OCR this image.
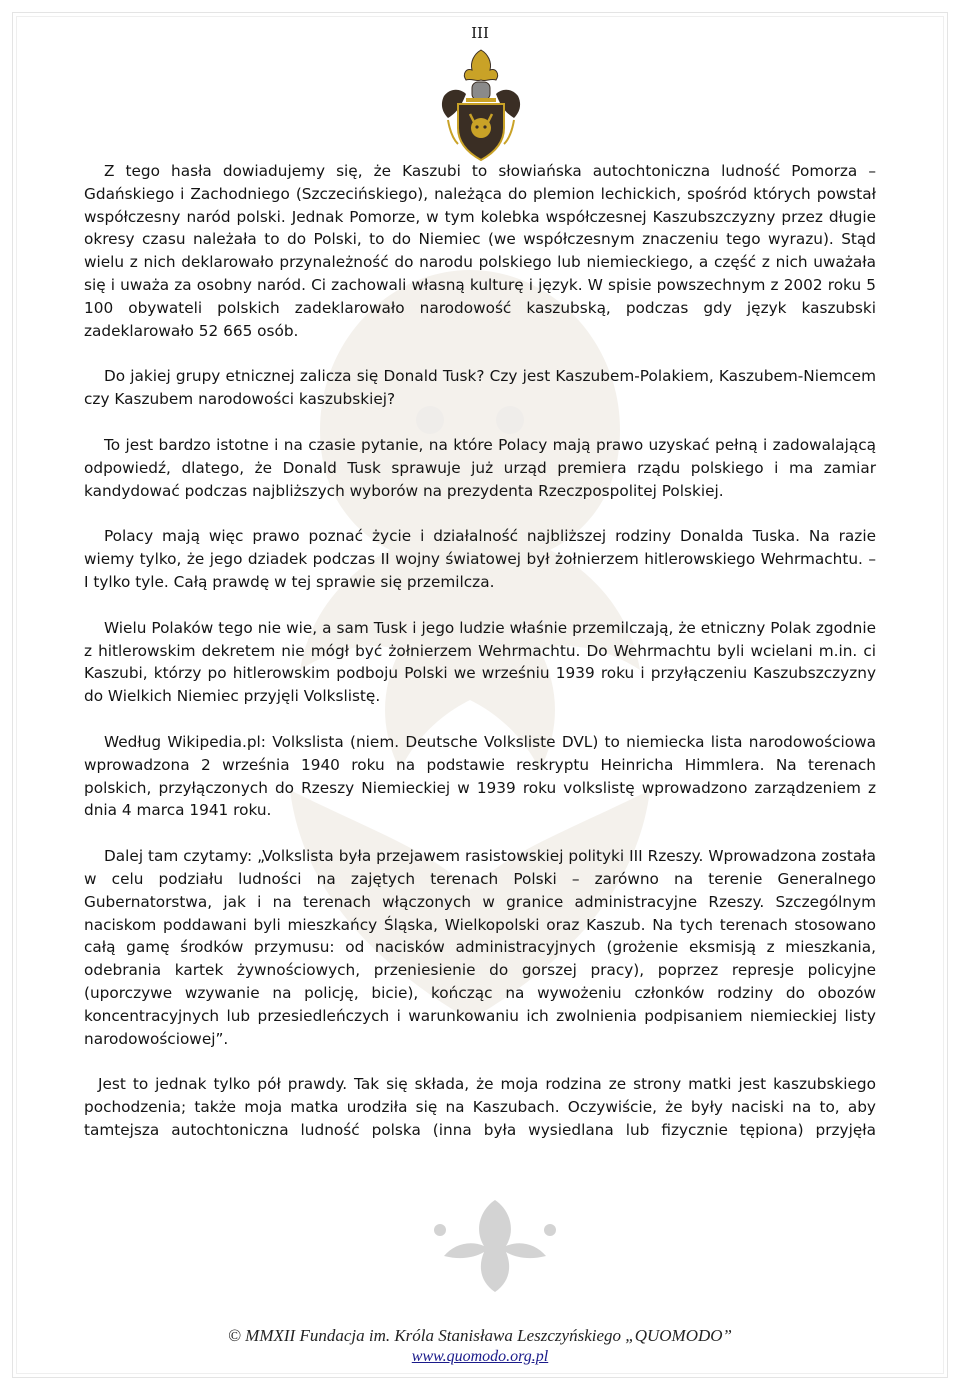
III

Z tego hasła dowiadujemy się, że Kaszubi to słowiańska autochtoniczna ludność Pomorza – Gdańskiego i Zachodniego (Szczecińskiego), należąca do plemion lechickich, spośród których powstał współczesny naród polski. Jednak Pomorze, w tym kolebka współczesnej Kaszubszczyzny przez długie okresy czasu należała to do Polski, to do Niemiec (we współczesnym znaczeniu tego wyrazu). Stąd wielu z nich deklarowało przynależność do narodu polskiego lub niemieckiego, a część z nich uważała się i uważa za osobny naród. Ci zachowali własną kulturę i język. W spisie powszechnym z 2002 roku 5 100 obywateli polskich zadeklarowało narodowość kaszubską, podczas gdy język kaszubski zadeklarowało 52 665 osób.

Do jakiej grupy etnicznej zalicza się Donald Tusk? Czy jest Kaszubem-Polakiem, Kaszubem-Niemcem czy Kaszubem narodowości kaszubskiej?

To jest bardzo istotne i na czasie pytanie, na które Polacy mają prawo uzyskać pełną i zadowalającą odpowiedź, dlatego, że Donald Tusk sprawuje już urząd premiera rządu polskiego i ma zamiar kandydować podczas najbliższych wyborów na prezydenta Rzeczpospolitej Polskiej.

Polacy mają więc prawo poznać życie i działalność najbliższej rodziny Donalda Tuska. Na razie wiemy tylko, że jego dziadek podczas II wojny światowej był żołnierzem hitlerowskiego Wehrmachtu. – I tylko tyle. Całą prawdę w tej sprawie się przemilcza.

Wielu Polaków tego nie wie, a sam Tusk i jego ludzie właśnie przemilczają, że etniczny Polak zgodnie z hitlerowskim dekretem nie mógł być żołnierzem Wehrmachtu. Do Wehrmachtu byli wcielani m.in. ci Kaszubi, którzy po hitlerowskim podboju Polski we wrześniu 1939 roku i przyłączeniu Kaszubszczyzny do Wielkich Niemiec przyjęli Volkslistę.

Według Wikipedia.pl: Volkslista (niem. Deutsche Volksliste DVL) to niemiecka lista narodowościowa wprowadzona 2 września 1940 roku na podstawie reskryptu Heinricha Himmlera. Na terenach polskich, przyłączonych do Rzeszy Niemieckiej w 1939 roku volkslistę wprowadzono zarządzeniem z dnia 4 marca 1941 roku.

Dalej tam czytamy: „Volkslista była przejawem rasistowskiej polityki III Rzeszy. Wprowadzona została w celu podziału ludności na zajętych terenach Polski – zarówno na terenie Generalnego Gubernatorstwa, jak i na terenach włączonych w granice administracyjne Rzeszy. Szczególnym naciskom poddawani byli mieszkańcy Śląska, Wielkopolski oraz Kaszub. Na tych terenach stosowano całą gamę środków przymusu: od nacisków administracyjnych (grożenie eksmisją z mieszkania, odebrania kartek żywnościowych, przeniesienie do gorszej pracy), poprzez represje policyjne (uporczywe wzywanie na policję, bicie), kończąc na wywożeniu członków rodziny do obozów koncentracyjnych lub przesiedleńczych i warunkowaniu ich zwolnienia podpisaniem niemieckiej listy narodowościowej”.

Jest to jednak tylko pół prawdy. Tak się składa, że moja rodzina ze strony matki jest kaszubskiego pochodzenia; także moja matka urodziła się na Kaszubach. Oczywiście, że były naciski na to, aby tamtejsza autochtoniczna ludność polska (inna była wysiedlana lub fizycznie tępiona) przyjęła

© MMXII Fundacja im. Króla Stanisława Leszczyńskiego „QUOMODO”
www.quomodo.org.pl
